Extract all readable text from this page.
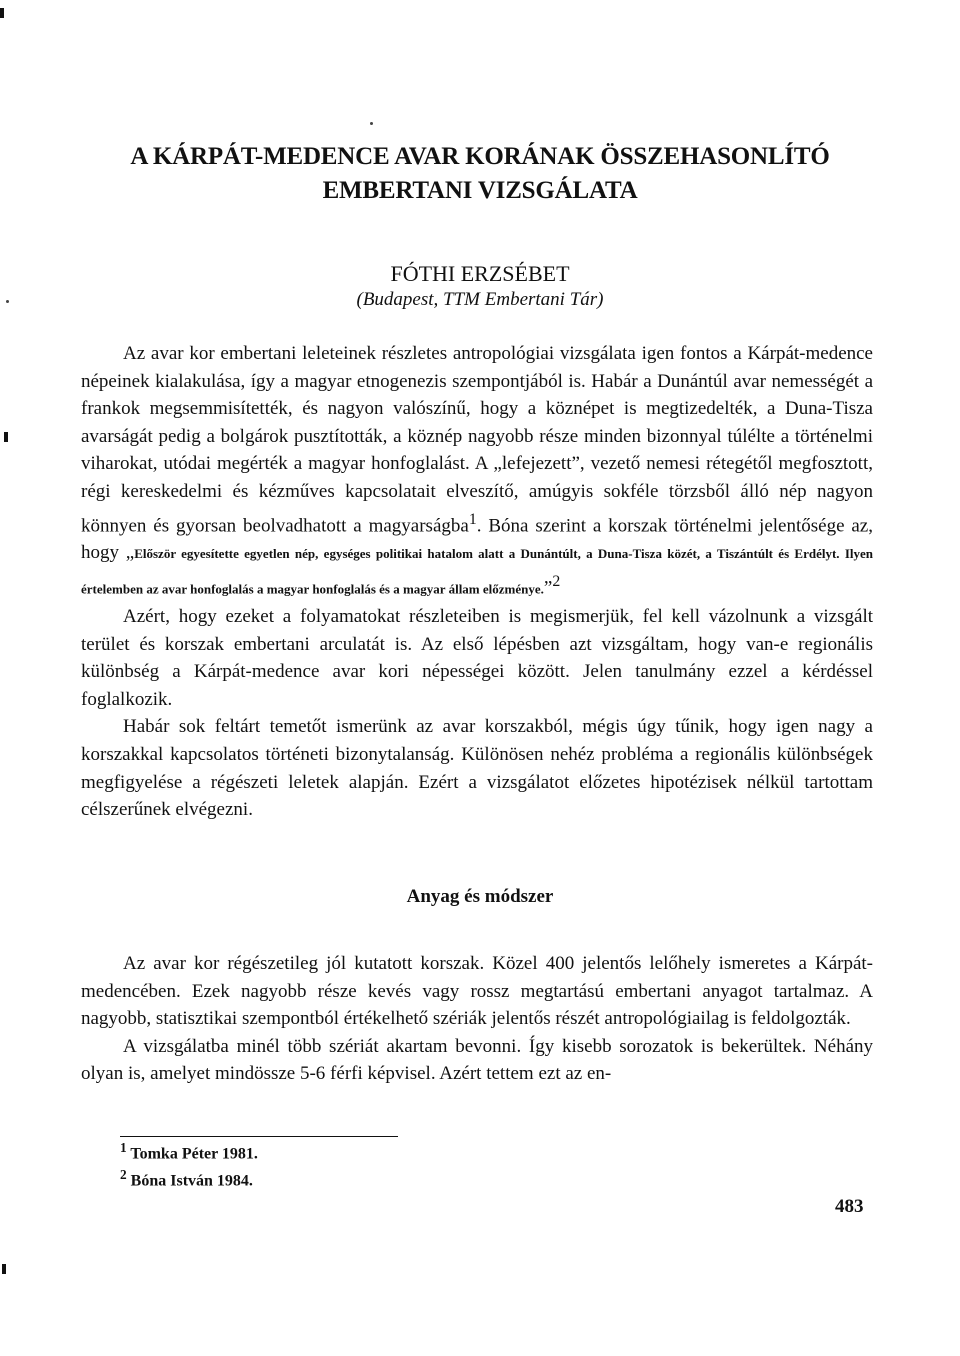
A KÁRPÁT-MEDENCE AVAR KORÁNAK ÖSSZEHASONLÍTÓ
EMBERTANI VIZSGÁLATA
FÓTHI ERZSÉBET
(Budapest, TTM Embertani Tár)

Az avar kor embertani leleteinek részletes antropológiai vizsgálata igen fontos a Kárpát-medence népeinek kialakulása, így a magyar etnogenezis szempontjából is. Habár a Dunántúl avar nemességét a frankok megsemmisítették, és nagyon valószínű, hogy a köznépet is megtizedelték, a Duna-Tisza avarságát pedig a bolgárok pusztították, a köznép nagyobb része minden bizonnyal túlélte a történelmi viharokat, utódai megérték a magyar honfoglalást. A „lefejezett”, vezető nemesi rétegétől megfosztott, régi kereskedelmi és kézműves kapcsolatait elveszítő, amúgyis sokféle törzsből álló nép nagyon könnyen és gyorsan beolvadhatott a magyarságba$^1$. Bóna szerint a korszak történelmi jelentősége az, hogy „Először egyesítette egyetlen nép, egységes politikai hatalom alatt a Dunántúlt, a Duna-Tisza közét, a Tiszántúlt és Erdélyt. Ilyen értelemben az avar honfoglalás a magyar honfoglalás és a magyar állam előzménye.”$^2$

Azért, hogy ezeket a folyamatokat részleteiben is megismerjük, fel kell vázolnunk a vizsgált terület és korszak embertani arculatát is. Az első lépésben azt vizsgáltam, hogy van-e regionális különbség a Kárpát-medence avar kori népességei között. Jelen tanulmány ezzel a kérdéssel foglalkozik.

Habár sok feltárt temetőt ismerünk az avar korszakból, mégis úgy tűnik, hogy igen nagy a korszakkal kapcsolatos történeti bizonytalanság. Különösen nehéz probléma a regionális különbségek megfigyelése a régészeti leletek alapján. Ezért a vizsgálatot előzetes hipotézisek nélkül tartottam célszerűnek elvégezni.

Anyag és módszer

Az avar kor régészetileg jól kutatott korszak. Közel 400 jelentős lelőhely ismeretes a Kárpát-medencében. Ezek nagyobb része kevés vagy rossz megtartású embertani anyagot tartalmaz. A nagyobb, statisztikai szempontból értékelhető szériák jelentős részét antropológiailag is feldolgozták.

A vizsgálatba minél több szériát akartam bevonni. Így kisebb sorozatok is bekerültek. Néhány olyan is, amelyet mindössze 5-6 férfi képvisel. Azért tettem ezt az en-

$^1$ Tomka Péter 1981.
$^2$ Bóna István 1984.
483
